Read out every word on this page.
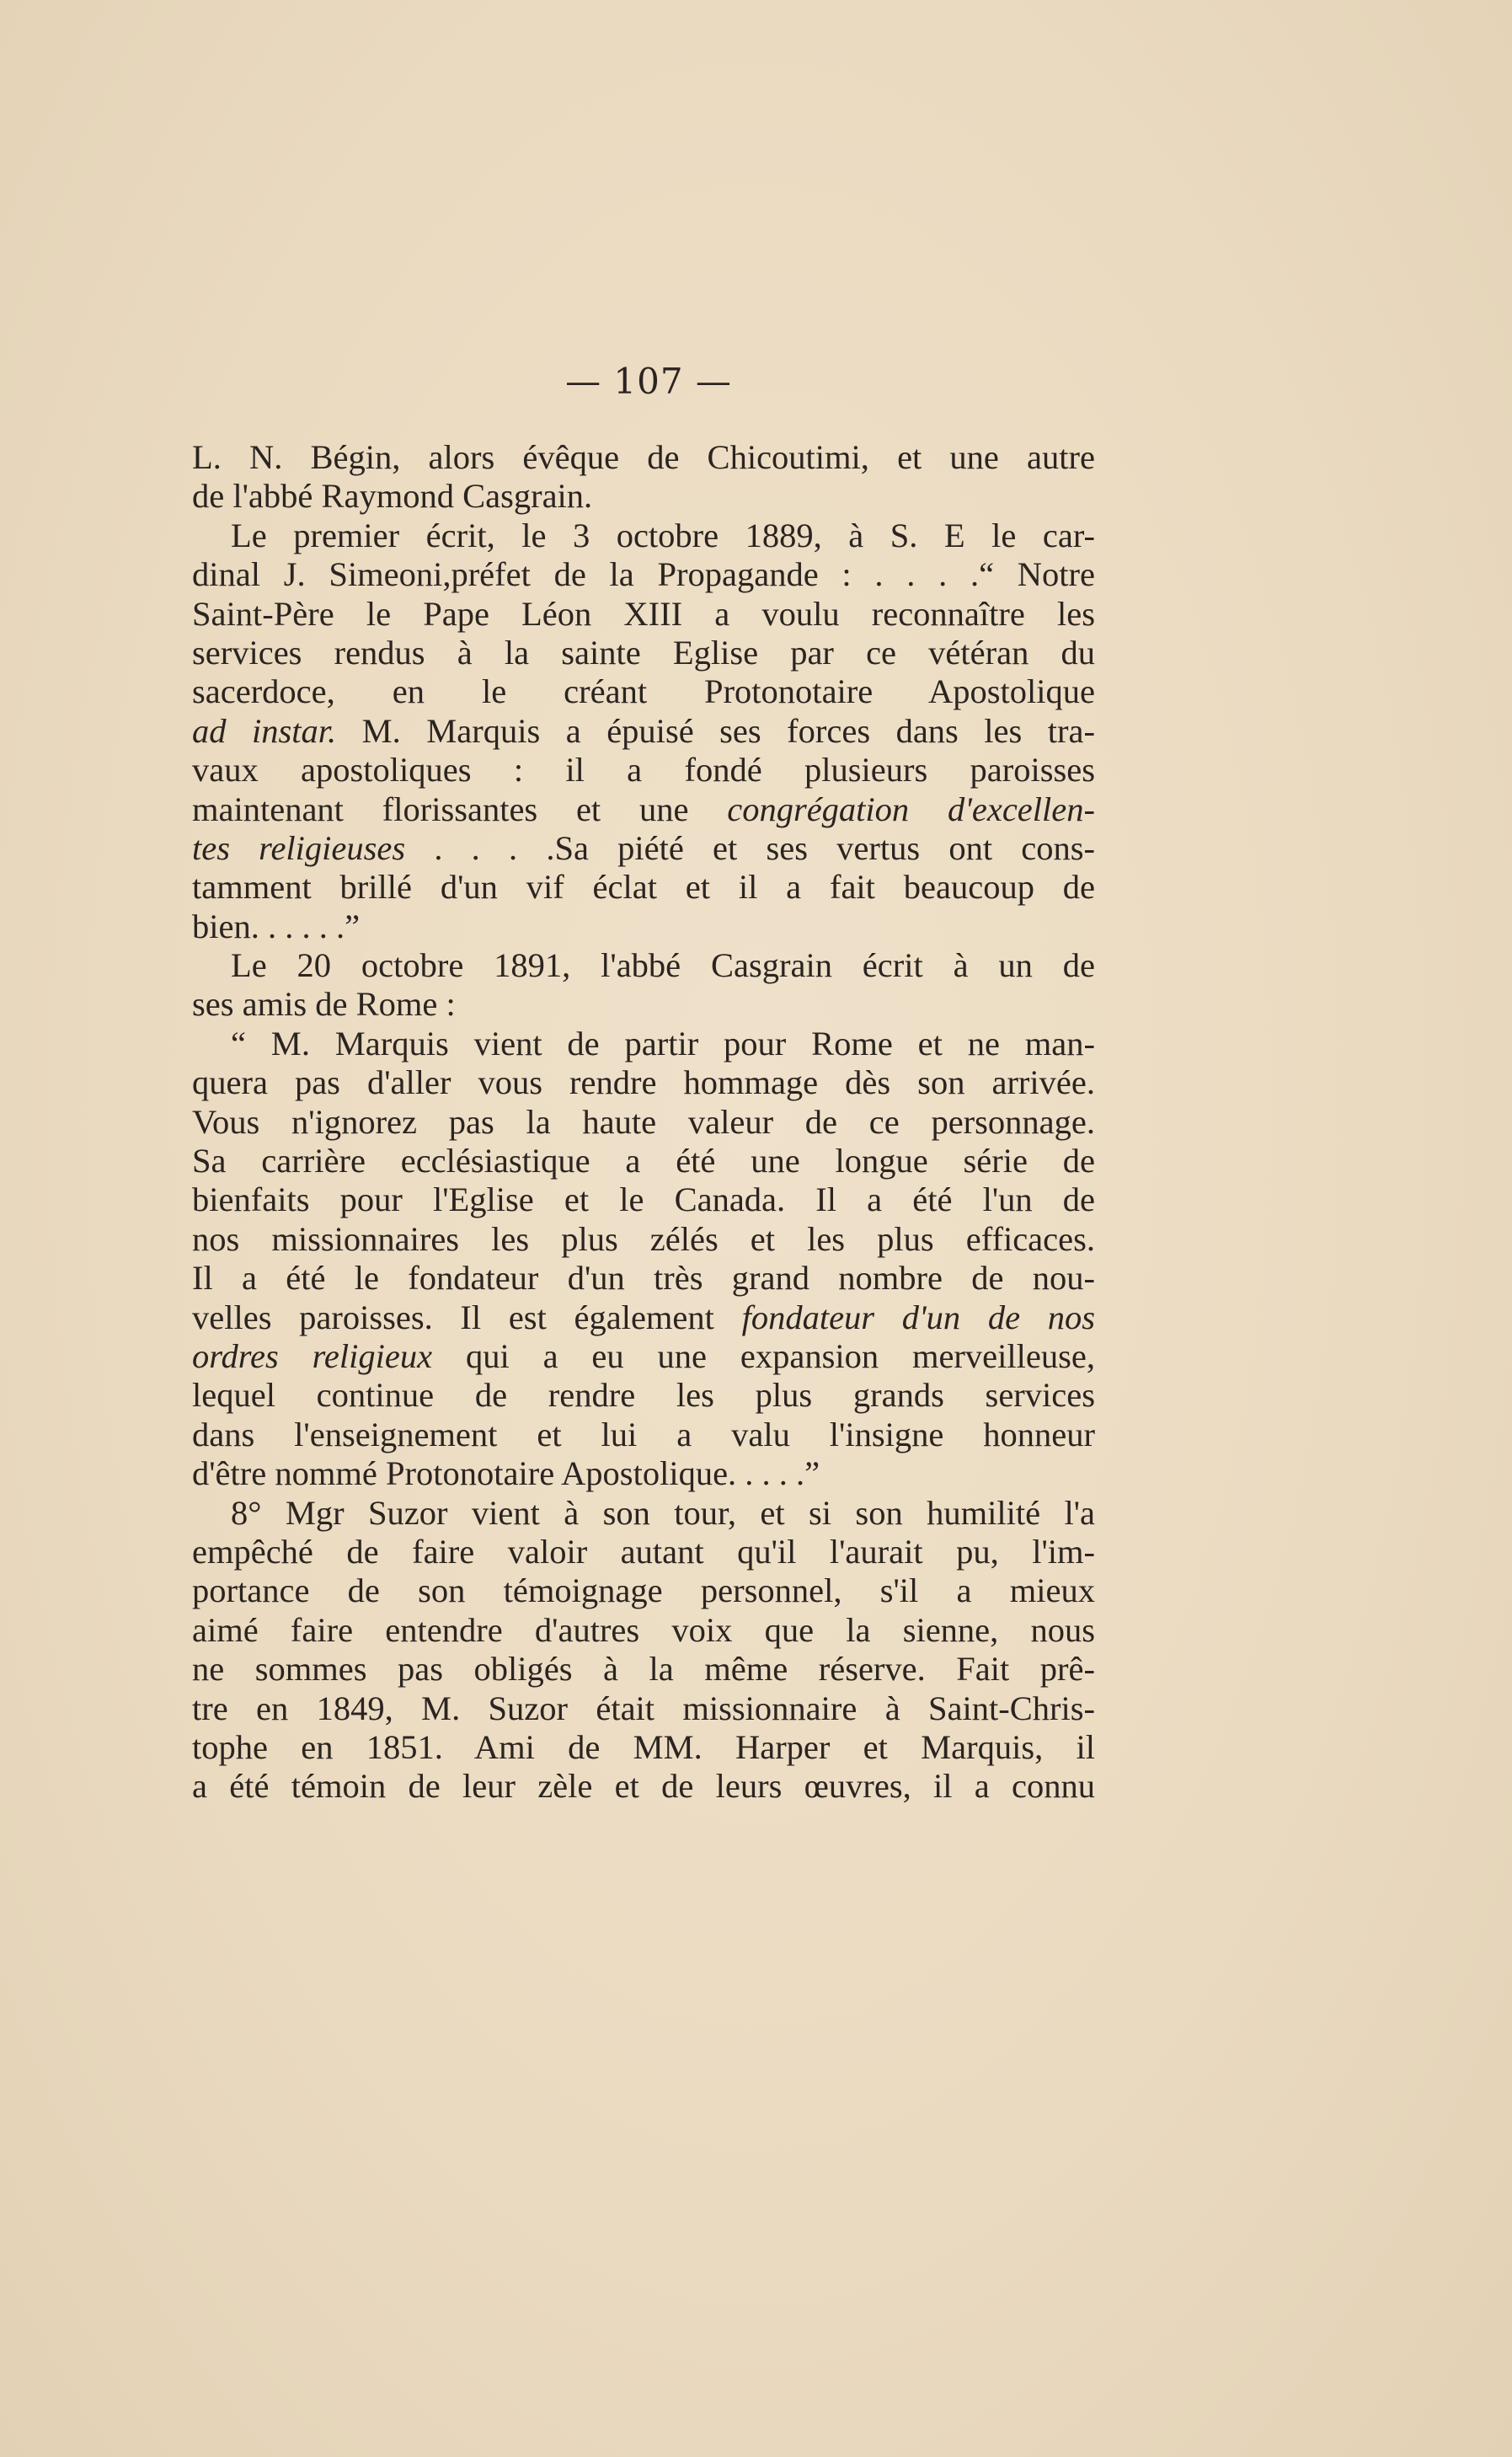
— 107 —
L. N. Bégin, alors évêque de Chicoutimi, et une autre
de l'abbé Raymond Casgrain.
Le premier écrit, le 3 octobre 1889, à S. E le car-
dinal J. Simeoni,préfet de la Propagande : . . . .“ Notre
Saint-Père le Pape Léon XIII a voulu reconnaître les
services rendus à la sainte Eglise par ce vétéran du
sacerdoce, en le créant Protonotaire Apostolique
ad instar. M. Marquis a épuisé ses forces dans les tra-
vaux apostoliques : il a fondé plusieurs paroisses
maintenant florissantes et une congrégation d'excellen-
tes religieuses . . . .Sa piété et ses vertus ont cons-
tamment brillé d'un vif éclat et il a fait beaucoup de
bien. . . . . .”
Le 20 octobre 1891, l'abbé Casgrain écrit à un de
ses amis de Rome :
“ M. Marquis vient de partir pour Rome et ne man-
quera pas d'aller vous rendre hommage dès son arrivée.
Vous n'ignorez pas la haute valeur de ce personnage.
Sa carrière ecclésiastique a été une longue série de
bienfaits pour l'Eglise et le Canada. Il a été l'un de
nos missionnaires les plus zélés et les plus efficaces.
Il a été le fondateur d'un très grand nombre de nou-
velles paroisses. Il est également fondateur d'un de nos
ordres religieux qui a eu une expansion merveilleuse,
lequel continue de rendre les plus grands services
dans l'enseignement et lui a valu l'insigne honneur
d'être nommé Protonotaire Apostolique. . . . .”
8° Mgr Suzor vient à son tour, et si son humilité l'a
empêché de faire valoir autant qu'il l'aurait pu, l'im-
portance de son témoignage personnel, s'il a mieux
aimé faire entendre d'autres voix que la sienne, nous
ne sommes pas obligés à la même réserve. Fait prê-
tre en 1849, M. Suzor était missionnaire à Saint-Chris-
tophe en 1851. Ami de MM. Harper et Marquis, il
a été témoin de leur zèle et de leurs œuvres, il a connu
